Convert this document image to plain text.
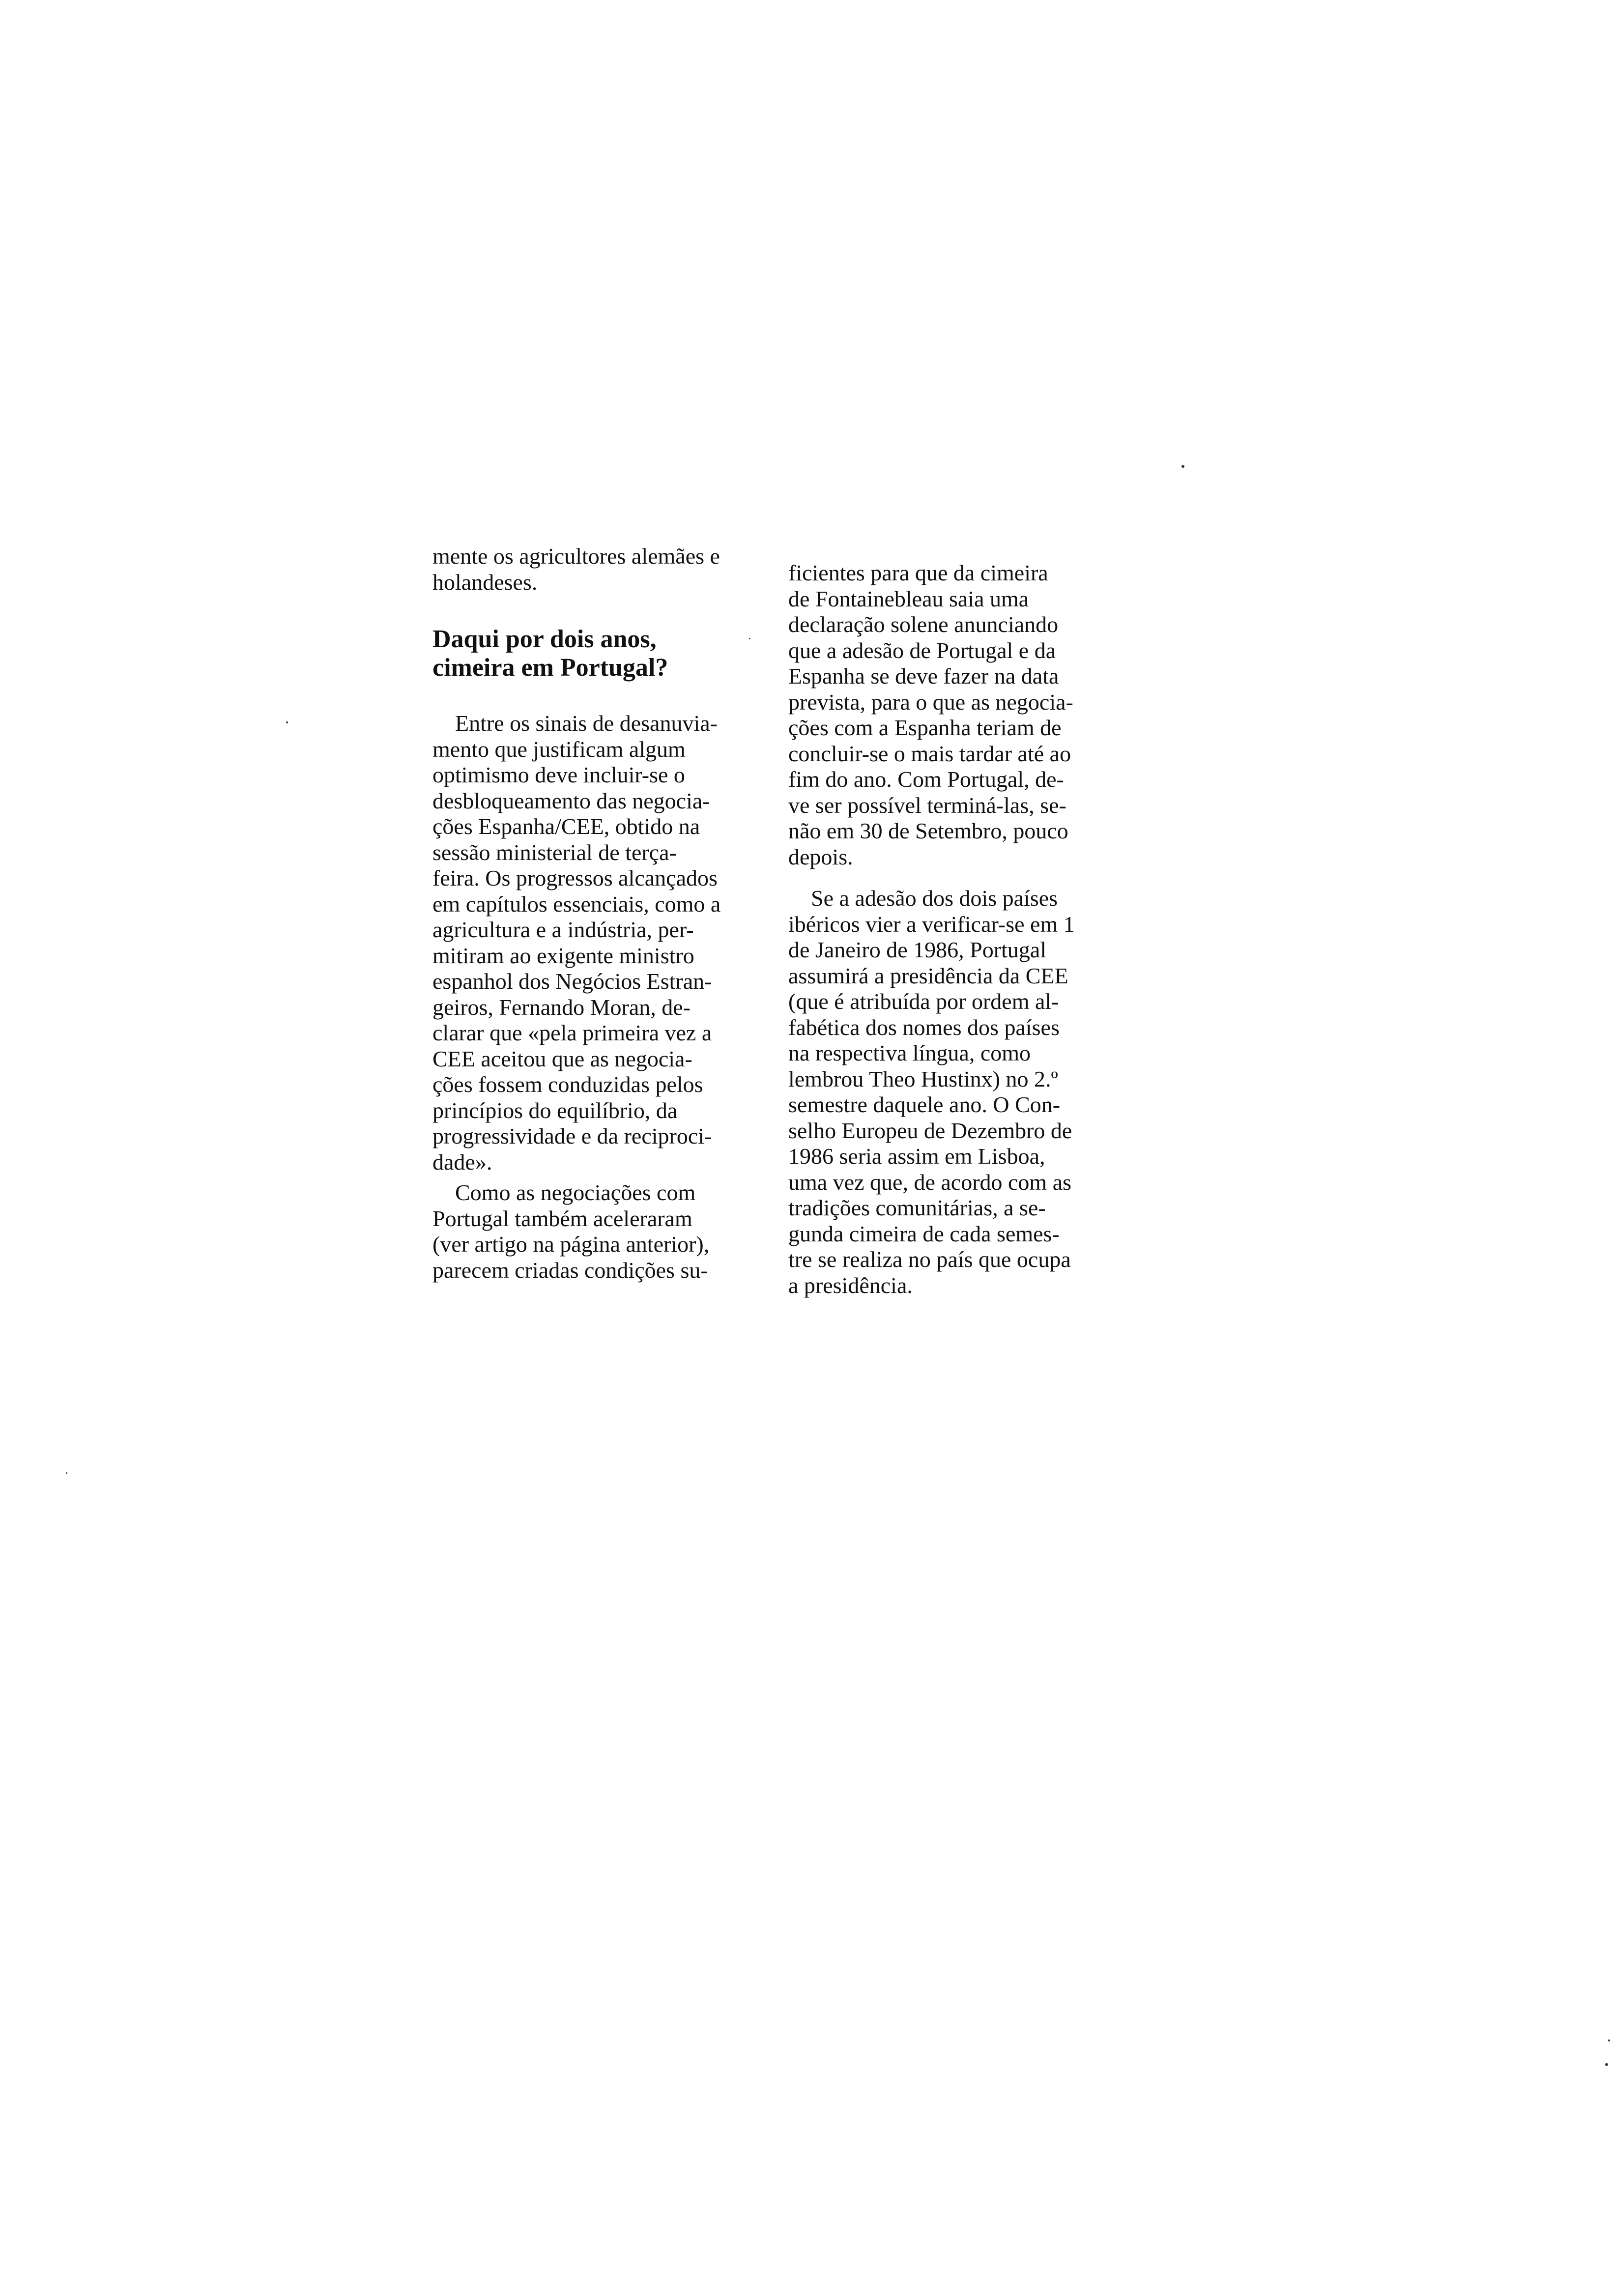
mente os agricultores alemães e
holandeses.
Daqui por dois anos,
cimeira em Portugal?
Entre os sinais de desanuvia-
mento que justificam algum
optimismo deve incluir-se o
desbloqueamento das negocia-
ções Espanha/CEE, obtido na
sessão ministerial de terça-
feira. Os progressos alcançados
em capítulos essenciais, como a
agricultura e a indústria, per-
mitiram ao exigente ministro
espanhol dos Negócios Estran-
geiros, Fernando Moran, de-
clarar que «pela primeira vez a
CEE aceitou que as negocia-
ções fossem conduzidas pelos
princípios do equilíbrio, da
progressividade e da reciproci-
dade».
Como as negociações com
Portugal também aceleraram
(ver artigo na página anterior),
parecem criadas condições su-
ficientes para que da cimeira
de Fontainebleau saia uma
declaração solene anunciando
que a adesão de Portugal e da
Espanha se deve fazer na data
prevista, para o que as negocia-
ções com a Espanha teriam de
concluir-se o mais tardar até ao
fim do ano. Com Portugal, de-
ve ser possível terminá-las, se-
não em 30 de Setembro, pouco
depois.
Se a adesão dos dois países
ibéricos vier a verificar-se em 1
de Janeiro de 1986, Portugal
assumirá a presidência da CEE
(que é atribuída por ordem al-
fabética dos nomes dos países
na respectiva língua, como
lembrou Theo Hustinx) no 2.º
semestre daquele ano. O Con-
selho Europeu de Dezembro de
1986 seria assim em Lisboa,
uma vez que, de acordo com as
tradições comunitárias, a se-
gunda cimeira de cada semes-
tre se realiza no país que ocupa
a presidência.
